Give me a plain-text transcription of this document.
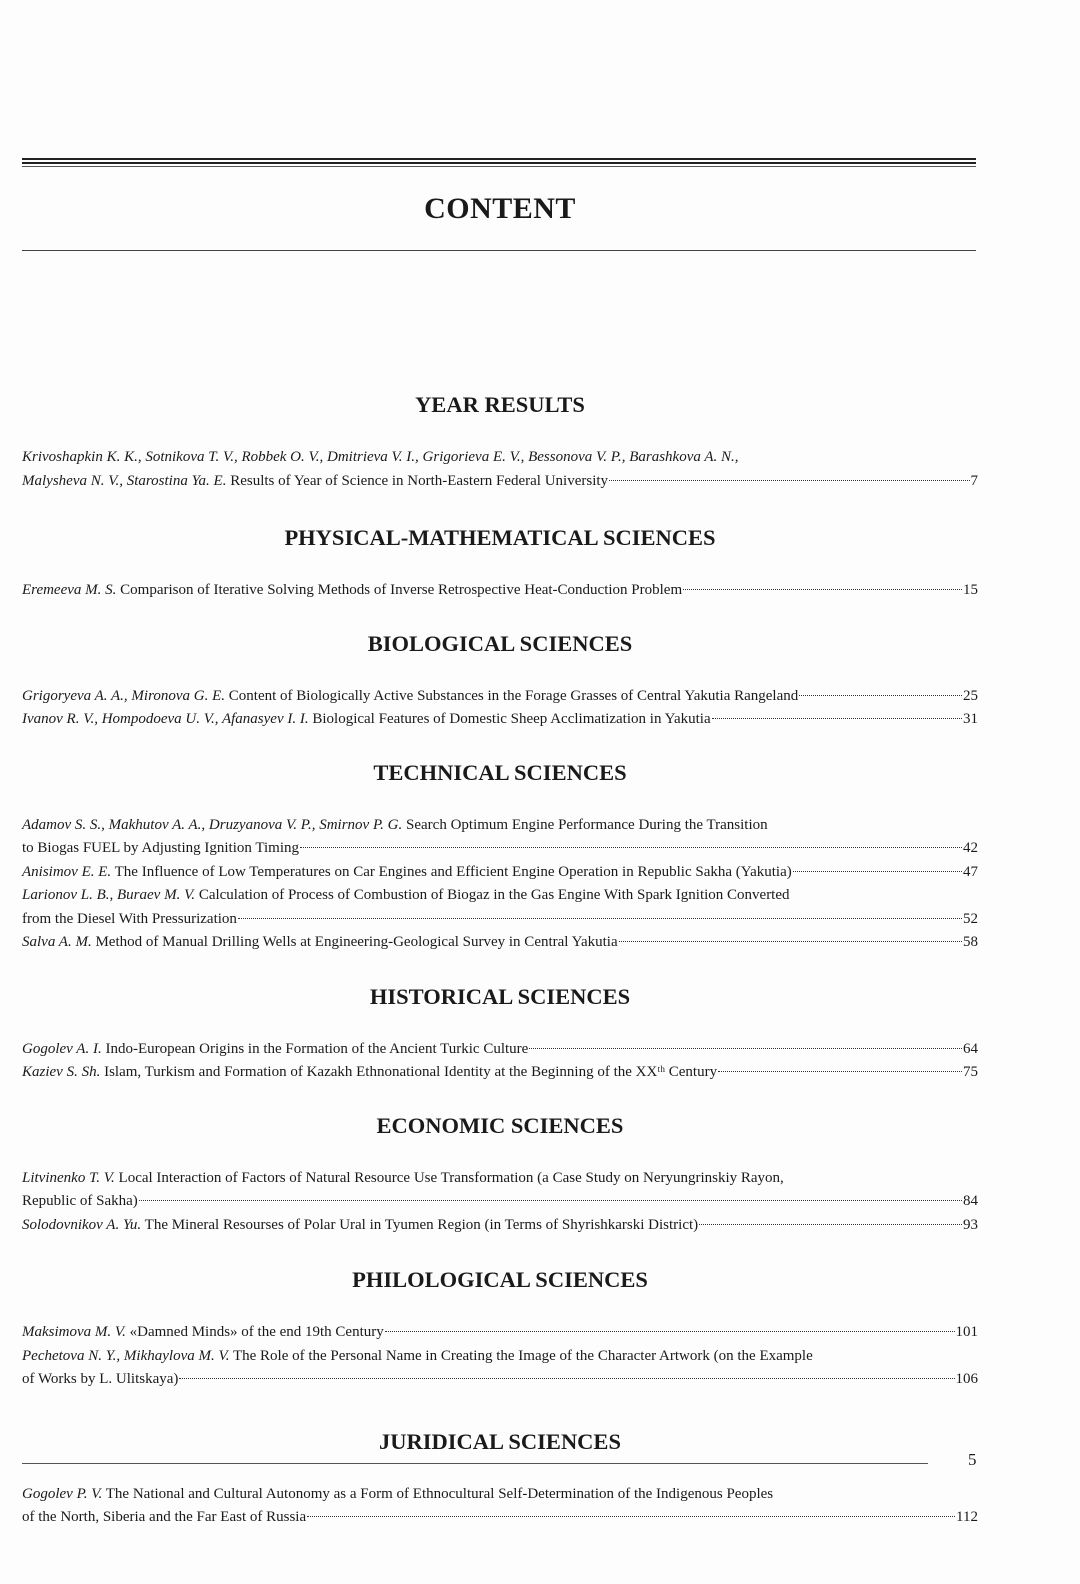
CONTENT
YEAR RESULTS
Krivoshapkin K. K., Sotnikova T. V., Robbek O. V., Dmitrieva V. I., Grigorieva E. V., Bessonova V. P., Barashkova A. N.,
Malysheva N. V., Starostina Ya. E. Results of Year of Science in North-Eastern Federal University	7
PHYSICAL-MATHEMATICAL SCIENCES
Eremeeva M. S. Comparison of Iterative Solving Methods of Inverse Retrospective Heat-Conduction Problem	15
BIOLOGICAL SCIENCES
Grigoryeva A. A., Mironova G. E. Content of Biologically Active Substances in the Forage Grasses of Central Yakutia Rangeland	25
Ivanov R. V., Hompodoeva U. V., Afanasyev I. I. Biological Features of Domestic Sheep Acclimatization in Yakutia	31
TECHNICAL SCIENCES
Adamov S. S., Makhutov A. A., Druzyanova V. P., Smirnov P. G. Search Optimum Engine Performance During the Transition
to Biogas FUEL by Adjusting Ignition Timing	42
Anisimov E. E. The Influence of Low Temperatures on Car Engines and Efficient Engine Operation in Republic Sakha (Yakutia)	47
Larionov L. B., Buraev M. V. Calculation of Process of Combustion of Biogaz in the Gas Engine With Spark Ignition Converted
from the Diesel With Pressurization	52
Salva A. M. Method of Manual Drilling Wells at Engineering-Geological Survey in Central Yakutia	58
HISTORICAL SCIENCES
Gogolev A. I. Indo-European Origins in the Formation of the Ancient Turkic Culture	64
Kaziev S. Sh. Islam, Turkism and Formation of Kazakh Ethnonational Identity at the Beginning of the XXᵗʰ Century	75
ECONOMIC SCIENCES
Litvinenko T. V. Local Interaction of Factors of Natural Resource Use Transformation (a Case Study on Neryungrinskiy Rayon,
Republic of Sakha)	84
Solodovnikov A. Yu. The Mineral Resourses of Polar Ural in Tyumen Region (in Terms of Shyrishkarski District)	93
PHILOLOGICAL SCIENCES
Maksimova M. V. «Damned Minds» of the end 19th Century	101
Pechetova N. Y., Mikhaylova M. V. The Role of the Personal Name in Creating the Image of the Character Artwork (on the Example
of Works by L. Ulitskaya)	106
JURIDICAL SCIENCES
Gogolev P. V. The National and Cultural Autonomy as a Form of Ethnocultural Self-Determination of the Indigenous Peoples
of the North, Siberia and the Far East of Russia	112
5
